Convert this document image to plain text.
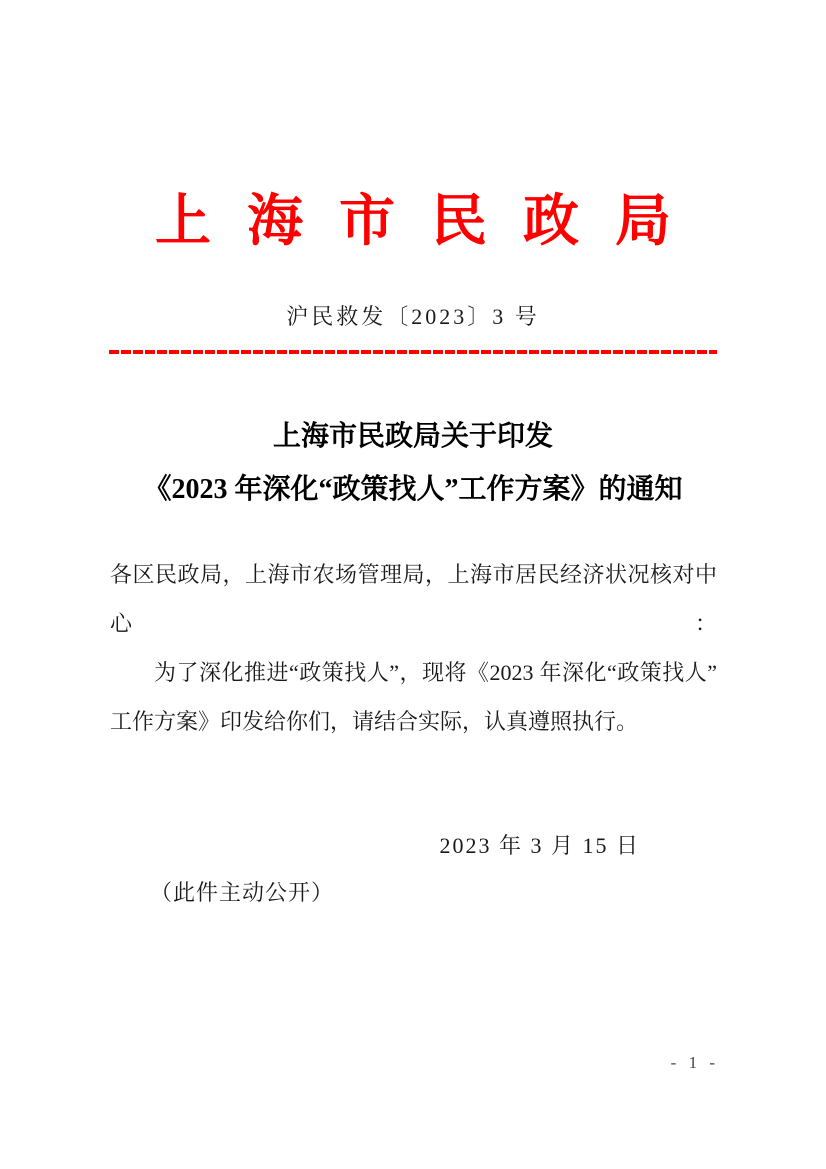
上海市民政局
沪民救发〔2023〕3 号
上海市民政局关于印发
《2023 年深化“政策找人”工作方案》的通知
各区民政局，上海市农场管理局，上海市居民经济状况核对中心：
为了深化推进“政策找人”，现将《2023 年深化“政策找人”
工作方案》印发给你们，请结合实际，认真遵照执行。
2023 年 3 月 15 日
（此件主动公开）
- 1 -
